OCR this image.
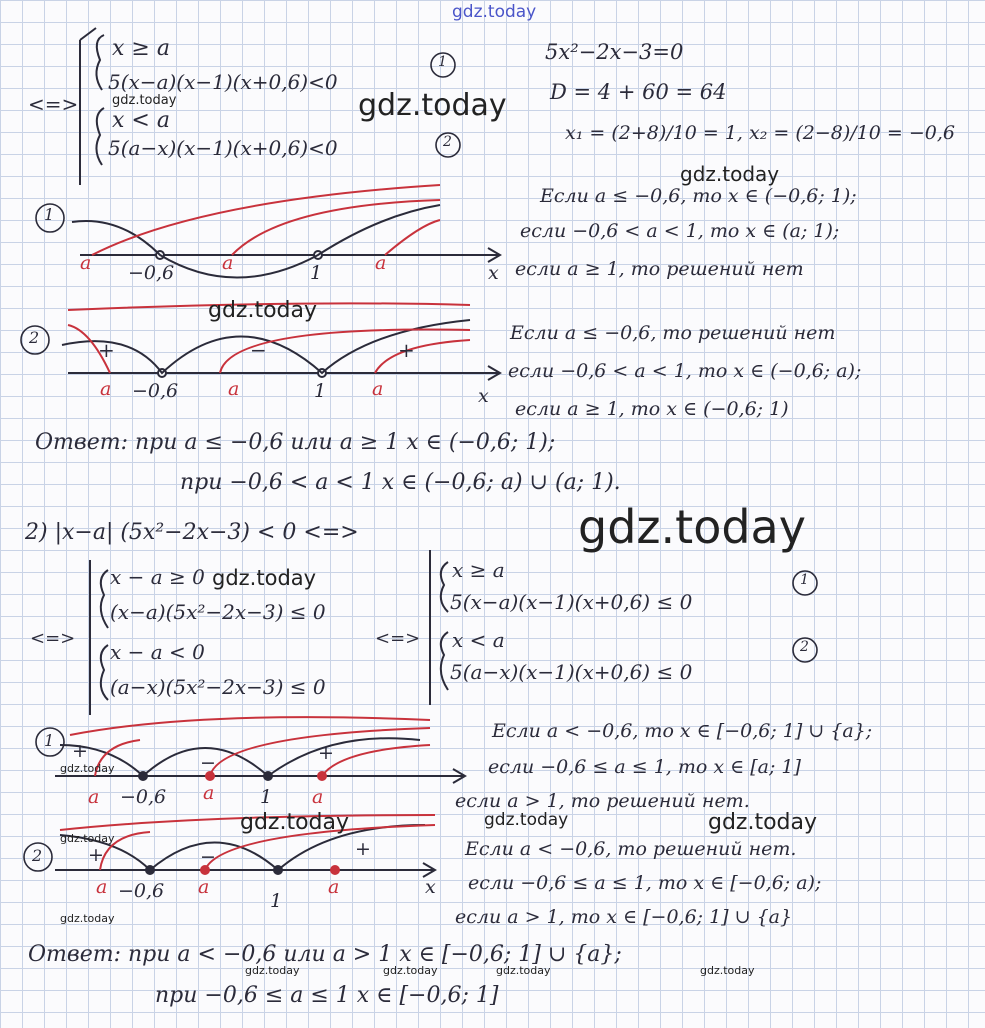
gdz.today
gdz.today
gdz.today
gdz.today
gdz.today
gdz.today
gdz.today
gdz.today	gdz.today	gdz.today
gdz.today
gdz.today
gdz.today
gdz.today	gdz.today	gdz.today	gdz.today
<=>
x ≥ a
5(x−a)(x−1)(x+0,6)<0
x < a
5(a−x)(x−1)(x+0,6)<0
1
2
5x²−2x−3=0
D = 4 + 60 = 64
x₁ = (2+8)/10 = 1, x₂ = (2−8)/10 = −0,6
Если a ≤ −0,6, то x ∈ (−0,6; 1);
если −0,6 < a < 1, то x ∈ (a; 1);
если a ≥ 1, то решений нет
Если a ≤ −0,6, то решений нет
если −0,6 < a < 1, то x ∈ (−0,6; a);
если a ≥ 1, то x ∈ (−0,6; 1)
Ответ: при a ≤ −0,6 или a ≥ 1 x ∈ (−0,6; 1);
при −0,6 < a < 1 x ∈ (−0,6; a) ∪ (a; 1).
1
a −0,6	a	1	a	x
2
+	−	+
a −0,6	a	1 a	x
2) |x−a| (5x²−2x−3) < 0 <=>
x − a ≥ 0
(x−a)(5x²−2x−3) ≤ 0
x − a < 0
(a−x)(5x²−2x−3) ≤ 0
<=>	<=>
x ≥ a
5(x−a)(x−1)(x+0,6) ≤ 0
x < a
5(a−x)(x−1)(x+0,6) ≤ 0
1
2
Если a < −0,6, то x ∈ [−0,6; 1] ∪ {a};
если −0,6 ≤ a ≤ 1, то x ∈ [a; 1]
если a > 1, то решений нет.
Если a < −0,6, то решений нет.
если −0,6 ≤ a ≤ 1, то x ∈ [−0,6; a);
если a > 1, то x ∈ [−0,6; 1] ∪ {a}
Ответ: при a < −0,6 или a > 1 x ∈ [−0,6; 1] ∪ {a};
при −0,6 ≤ a ≤ 1 x ∈ [−0,6; 1]
1 +
−	+
a −0,6 a 1 a
2 +	−	+
a −0,6 a
1
a	x
